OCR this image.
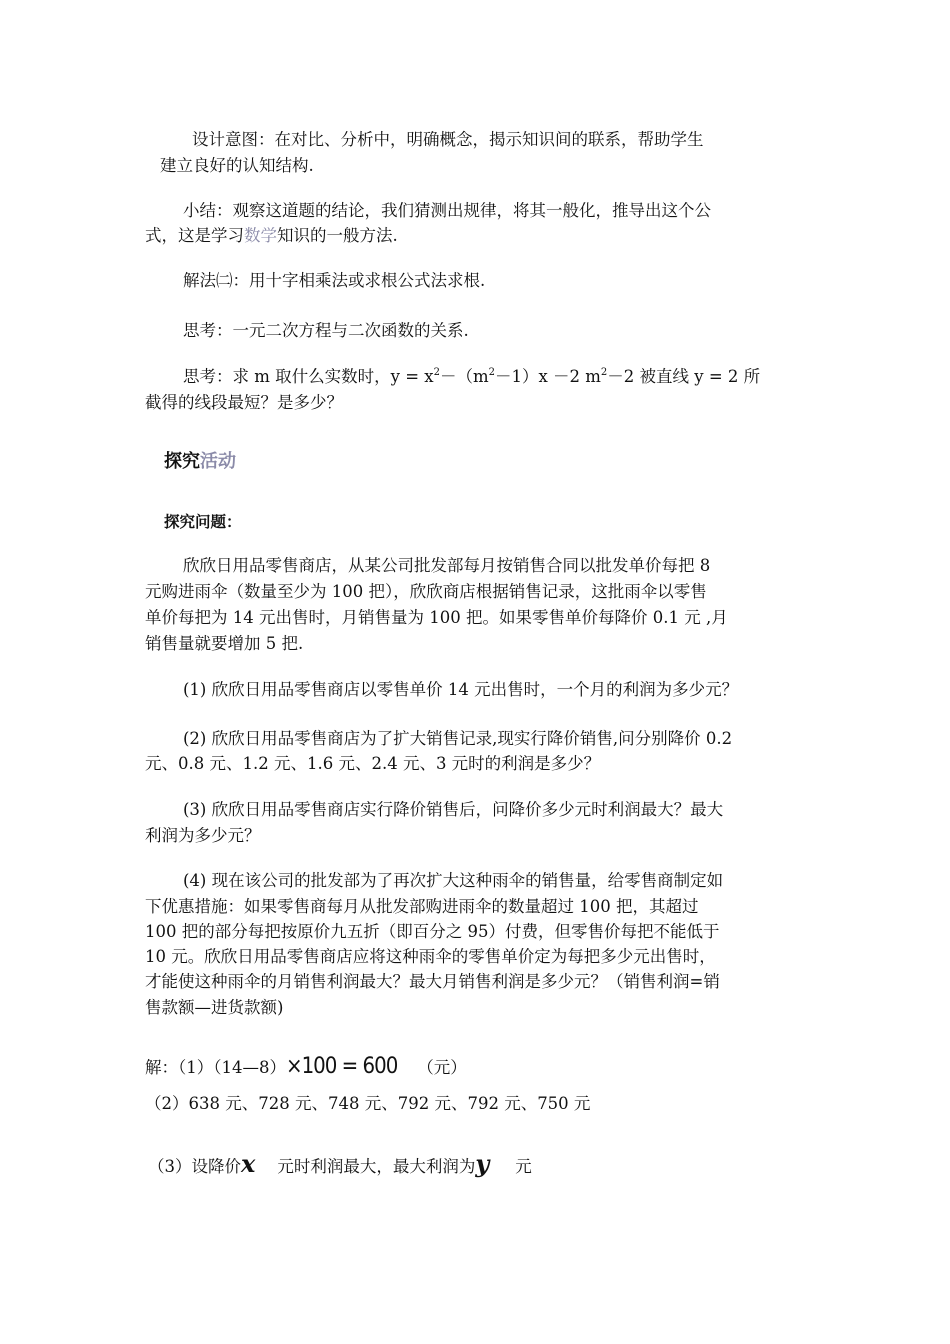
设计意图：在对比、分析中，明确概念，揭示知识间的联系，帮助学生
建立良好的认知结构.
小结：观察这道题的结论，我们猜测出规律，将其一般化，推导出这个公
式，这是学习数学知识的一般方法.
解法㈡：用十字相乘法或求根公式法求根.
思考：一元二次方程与二次函数的关系.
思考：求 m 取什么实数时，$y = x^2-(m^2-1)x -2$ $m^2-2$ 被直线 y = 2 所
截得的线段最短？是多少？
探究活动
探究问题：
欣欣日用品零售商店，从某公司批发部每月按销售合同以批发单价每把 8
元购进雨伞（数量至少为 100 把），欣欣商店根据销售记录，这批雨伞以零售
单价每把为 14 元出售时，月销售量为 100 把。如果零售单价每降价 0.1 元 ,月
销售量就要增加 5 把.
(1) 欣欣日用品零售商店以零售单价 14 元出售时，一个月的利润为多少元？
(2) 欣欣日用品零售商店为了扩大销售记录,现实行降价销售,问分别降价 0.2
元、0.8 元、1.2 元、1.6 元、2.4 元、3 元时的利润是多少？
(3) 欣欣日用品零售商店实行降价销售后，问降价多少元时利润最大？最大
利润为多少元？
(4) 现在该公司的批发部为了再次扩大这种雨伞的销售量，给零售商制定如
下优惠措施：如果零售商每月从批发部购进雨伞的数量超过 100 把，其超过
100 把的部分每把按原价九五折（即百分之 95）付费，但零售价每把不能低于
10 元。欣欣日用品零售商店应将这种雨伞的零售单价定为每把多少元出售时，
才能使这种雨伞的月销售利润最大？最大月销售利润是多少元？（销售利润=销
售款额—进货款额)
解：（1）（14—8）×100 = 600 （元）
（2）638 元、728 元、748 元、792 元、792 元、750 元
（3）设降价x 元时利润最大，最大利润为y 元
